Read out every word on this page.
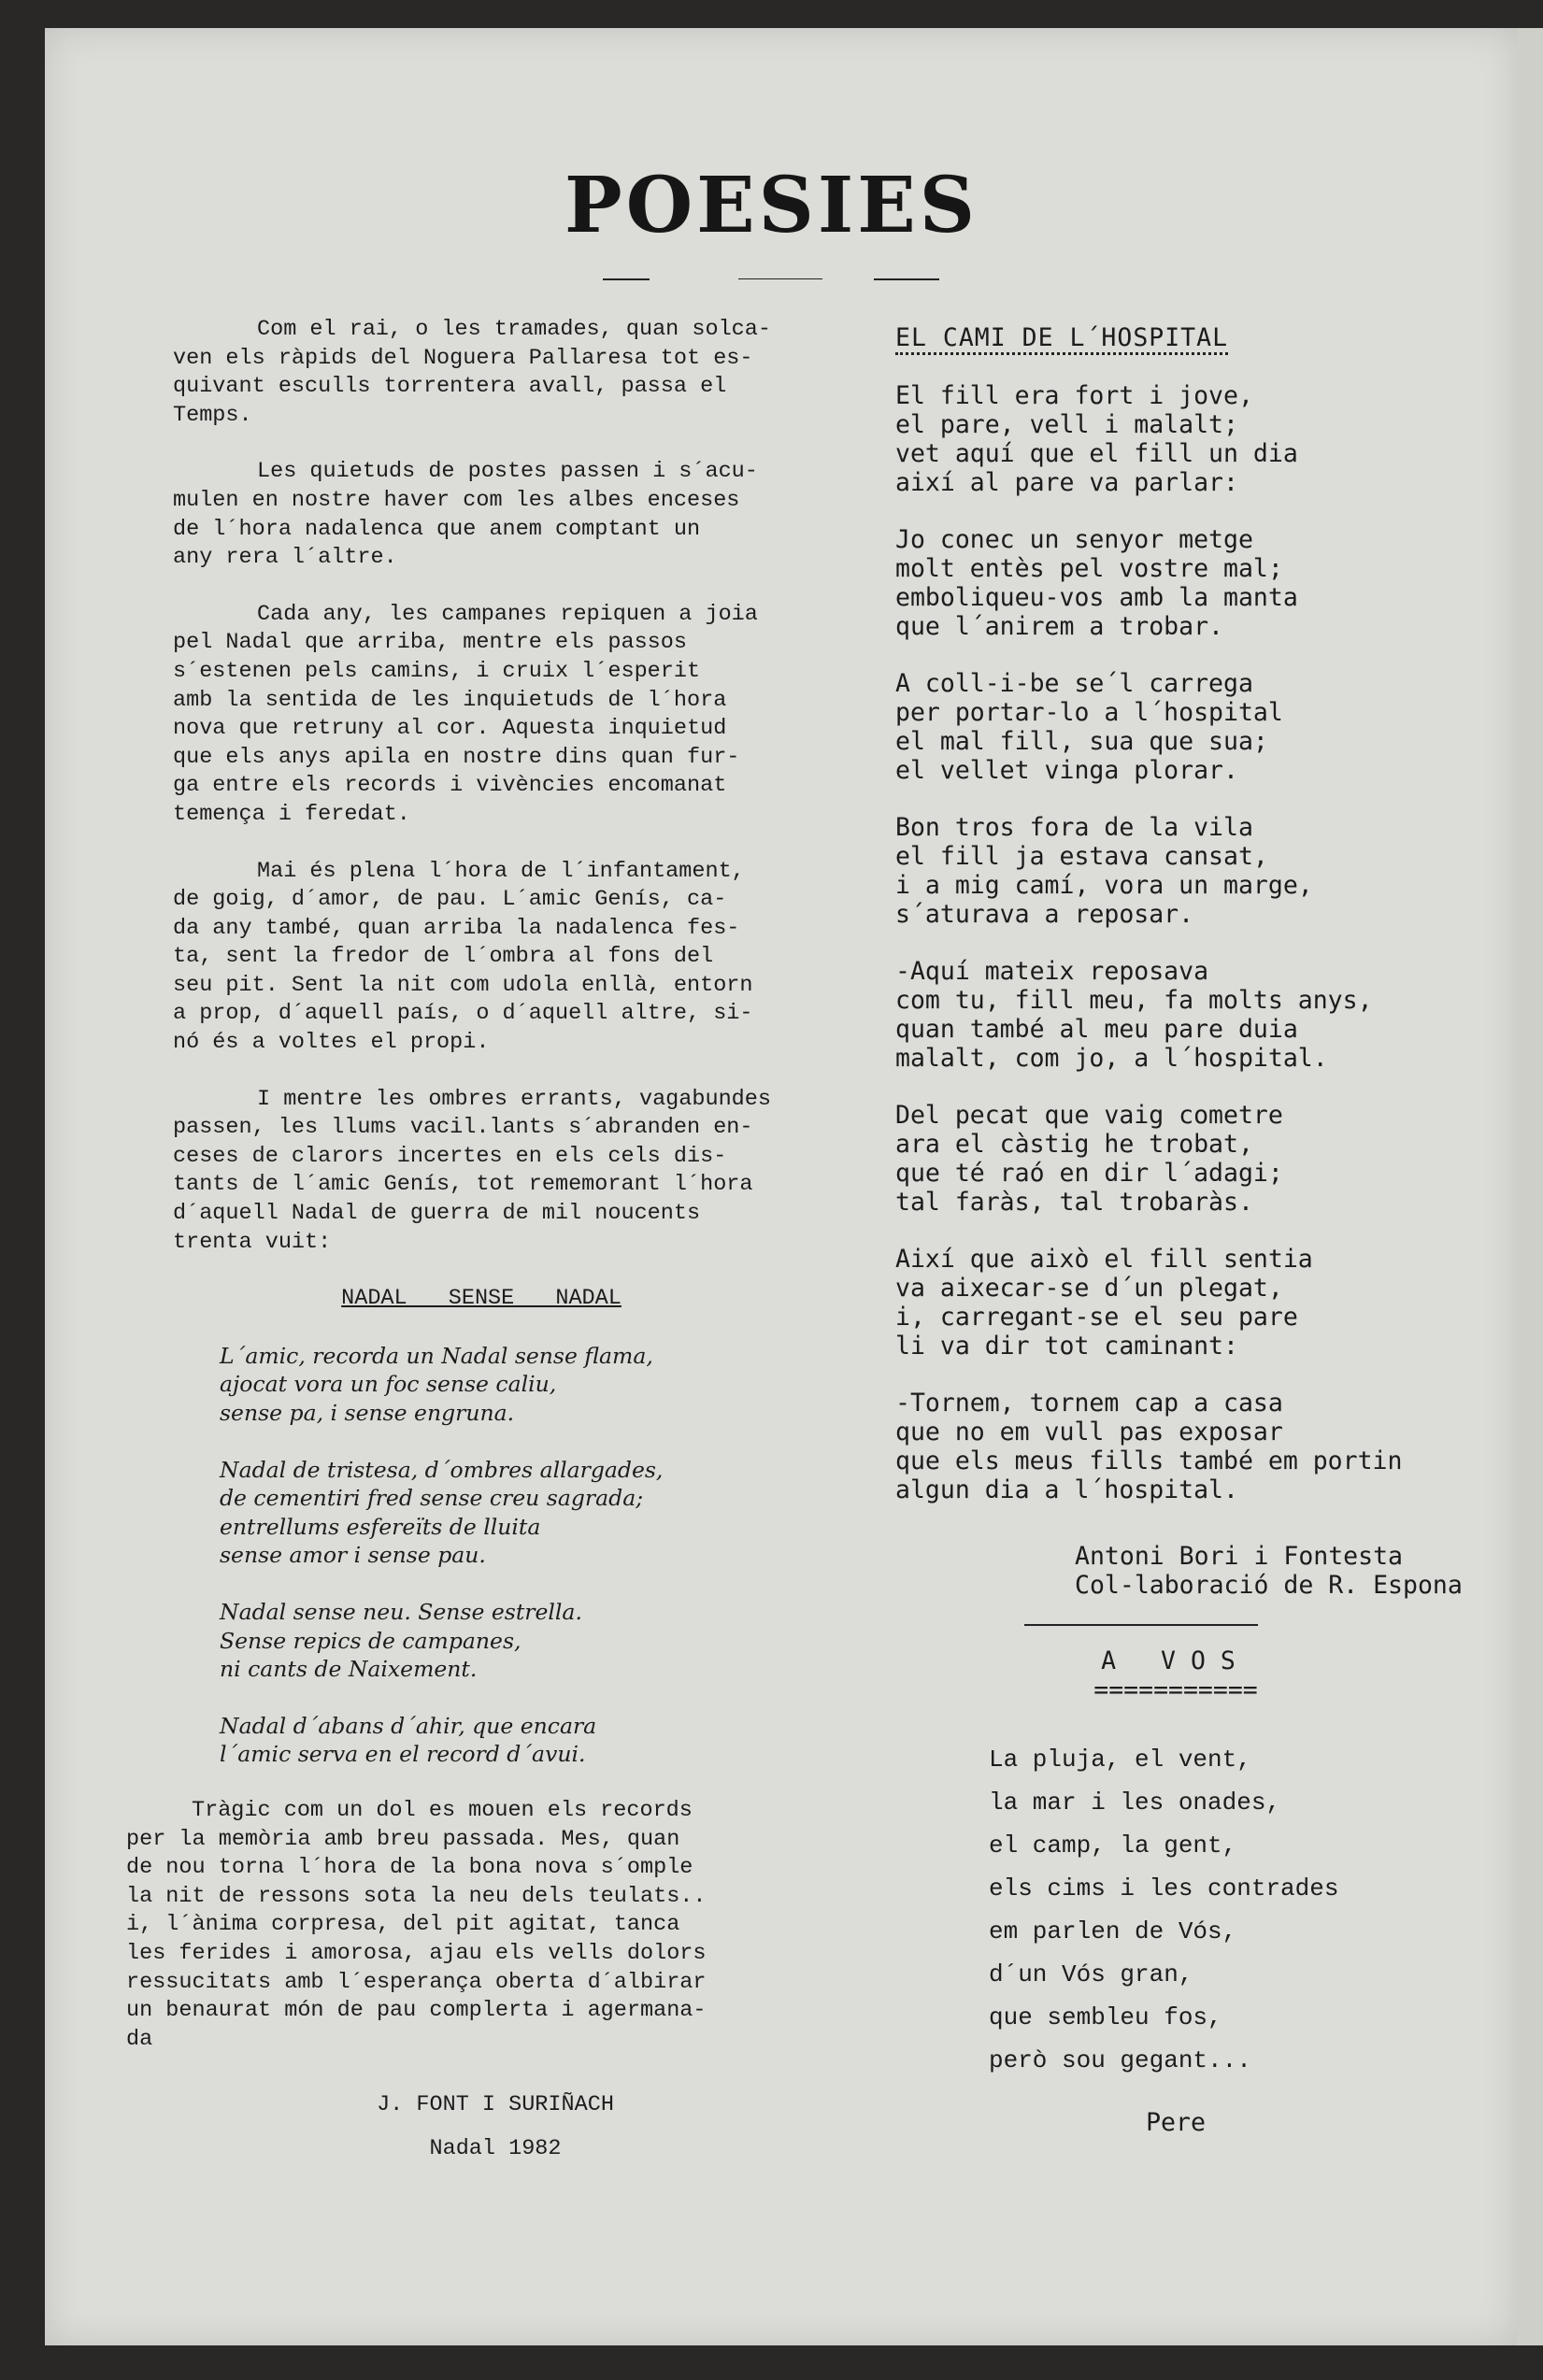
POESIES

Com el rai, o les tramades, quan solca-
ven els ràpids del Noguera Pallaresa tot es-
quivant esculls torrentera avall, passa el
Temps.

Les quietuds de postes passen i s´acu-
mulen en nostre haver com les albes enceses
de l´hora nadalenca que anem comptant un
any rera l´altre.

Cada any, les campanes repiquen a joia
pel Nadal que arriba, mentre els passos
s´estenen pels camins, i cruix l´esperit
amb la sentida de les inquietuds de l´hora
nova que retruny al cor. Aquesta inquietud
que els anys apila en nostre dins quan fur-
ga entre els records i vivències encomanat
temença i feredat.

Mai és plena l´hora de l´infantament,
de goig, d´amor, de pau. L´amic Genís, ca-
da any també, quan arriba la nadalenca fes-
ta, sent la fredor de l´ombra al fons del
seu pit. Sent la nit com udola enllà, entorn
a prop, d´aquell país, o d´aquell altre, si-
nó és a voltes el propi.

I mentre les ombres errants, vagabundes
passen, les llums vacil.lants s´abranden en-
ceses de clarors incertes en els cels dis-
tants de l´amic Genís, tot rememorant l´hora
d´aquell Nadal de guerra de mil noucents
trenta vuit:

NADAL SENSE NADAL
L´amic, recorda un Nadal sense flama,
ajocat vora un foc sense caliu,
sense pa, i sense engruna.
Nadal de tristesa, d´ombres allargades,
de cementiri fred sense creu sagrada;
entrellums esfereïts de lluita
sense amor i sense pau.
Nadal sense neu. Sense estrella.
Sense repics de campanes,
ni cants de Naixement.
Nadal d´abans d´ahir, que encara
l´amic serva en el record d´avui.

Tràgic com un dol es mouen els records
per la memòria amb breu passada. Mes, quan
de nou torna l´hora de la bona nova s´omple
la nit de ressons sota la neu dels teulats..
i, l´ànima corpresa, del pit agitat, tanca
les ferides i amorosa, ajau els vells dolors
ressucitats amb l´esperança oberta d´albirar
un benaurat món de pau complerta i agermana-
da

J. FONT I SURIÑACH
Nadal 1982
EL CAMI DE L´HOSPITAL
El fill era fort i jove,
el pare, vell i malalt;
vet aquí que el fill un dia
així al pare va parlar:
Jo conec un senyor metge
molt entès pel vostre mal;
emboliqueu-vos amb la manta
que l´anirem a trobar.
A coll-i-be se´l carrega
per portar-lo a l´hospital
el mal fill, sua que sua;
el vellet vinga plorar.
Bon tros fora de la vila
el fill ja estava cansat,
i a mig camí, vora un marge,
s´aturava a reposar.
-Aquí mateix reposava
com tu, fill meu, fa molts anys,
quan també al meu pare duia
malalt, com jo, a l´hospital.
Del pecat que vaig cometre
ara el càstig he trobat,
que té raó en dir l´adagi;
tal faràs, tal trobaràs.
Així que això el fill sentia
va aixecar-se d´un plegat,
i, carregant-se el seu pare
li va dir tot caminant:
-Tornem, tornem cap a casa
que no em vull pas exposar
que els meus fills també em portin
algun dia a l´hospital.
Antoni Bori i Fontesta
Col-laboració de R. Espona
A VOS
===========
La pluja, el vent,
la mar i les onades,
el camp, la gent,
els cims i les contrades
em parlen de Vós,
d´un Vós gran,
que sembleu fos,
però sou gegant...
Pere
